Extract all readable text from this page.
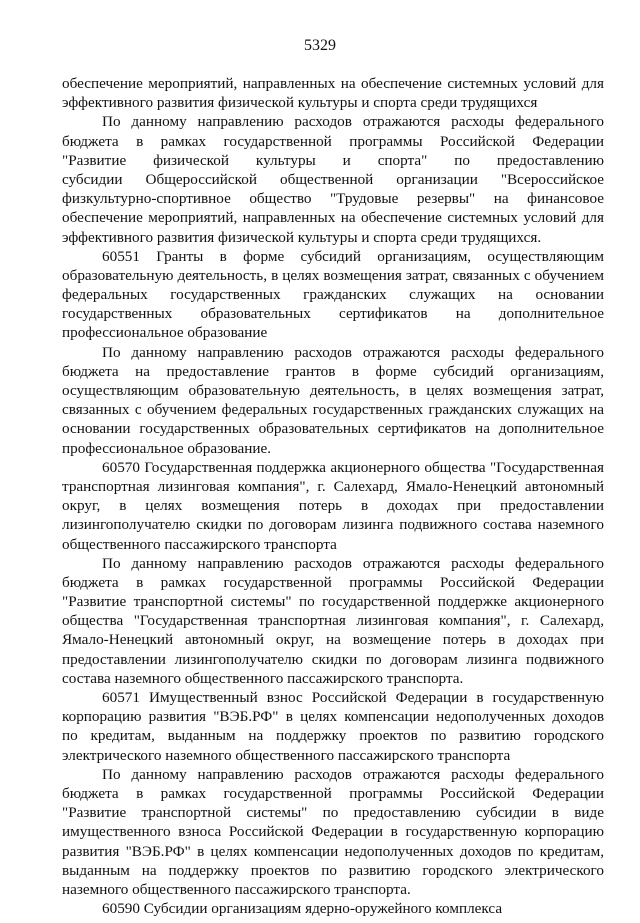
5329
обеспечение мероприятий, направленных на обеспечение системных условий для
эффективного развития физической культуры и спорта среди трудящихся
По данному направлению расходов отражаются расходы федерального
бюджета в рамках государственной программы Российской Федерации
"Развитие физической культуры и спорта" по предоставлению
субсидии Общероссийской общественной организации "Всероссийское
физкультурно-спортивное общество "Трудовые резервы" на финансовое
обеспечение мероприятий, направленных на обеспечение системных условий для
эффективного развития физической культуры и спорта среди трудящихся.
60551 Гранты в форме субсидий организациям, осуществляющим
образовательную деятельность, в целях возмещения затрат, связанных с обучением
федеральных государственных гражданских служащих на основании
государственных образовательных сертификатов на дополнительное
профессиональное образование
По данному направлению расходов отражаются расходы федерального
бюджета на предоставление грантов в форме субсидий организациям,
осуществляющим образовательную деятельность, в целях возмещения затрат,
связанных с обучением федеральных государственных гражданских служащих на
основании государственных образовательных сертификатов на дополнительное
профессиональное образование.
60570 Государственная поддержка акционерного общества "Государственная
транспортная лизинговая компания", г. Салехард, Ямало-Ненецкий автономный
округ, в целях возмещения потерь в доходах при предоставлении
лизингополучателю скидки по договорам лизинга подвижного состава наземного
общественного пассажирского транспорта
По данному направлению расходов отражаются расходы федерального
бюджета в рамках государственной программы Российской Федерации
"Развитие транспортной системы" по государственной поддержке акционерного
общества "Государственная транспортная лизинговая компания", г. Салехард,
Ямало-Ненецкий автономный округ, на возмещение потерь в доходах при
предоставлении лизингополучателю скидки по договорам лизинга подвижного
состава наземного общественного пассажирского транспорта.
60571 Имущественный взнос Российской Федерации в государственную
корпорацию развития "ВЭБ.РФ" в целях компенсации недополученных доходов
по кредитам, выданным на поддержку проектов по развитию городского
электрического наземного общественного пассажирского транспорта
По данному направлению расходов отражаются расходы федерального
бюджета в рамках государственной программы Российской Федерации
"Развитие транспортной системы" по предоставлению субсидии в виде
имущественного взноса Российской Федерации в государственную корпорацию
развития "ВЭБ.РФ" в целях компенсации недополученных доходов по кредитам,
выданным на поддержку проектов по развитию городского электрического
наземного общественного пассажирского транспорта.
60590 Субсидии организациям ядерно-оружейного комплекса
